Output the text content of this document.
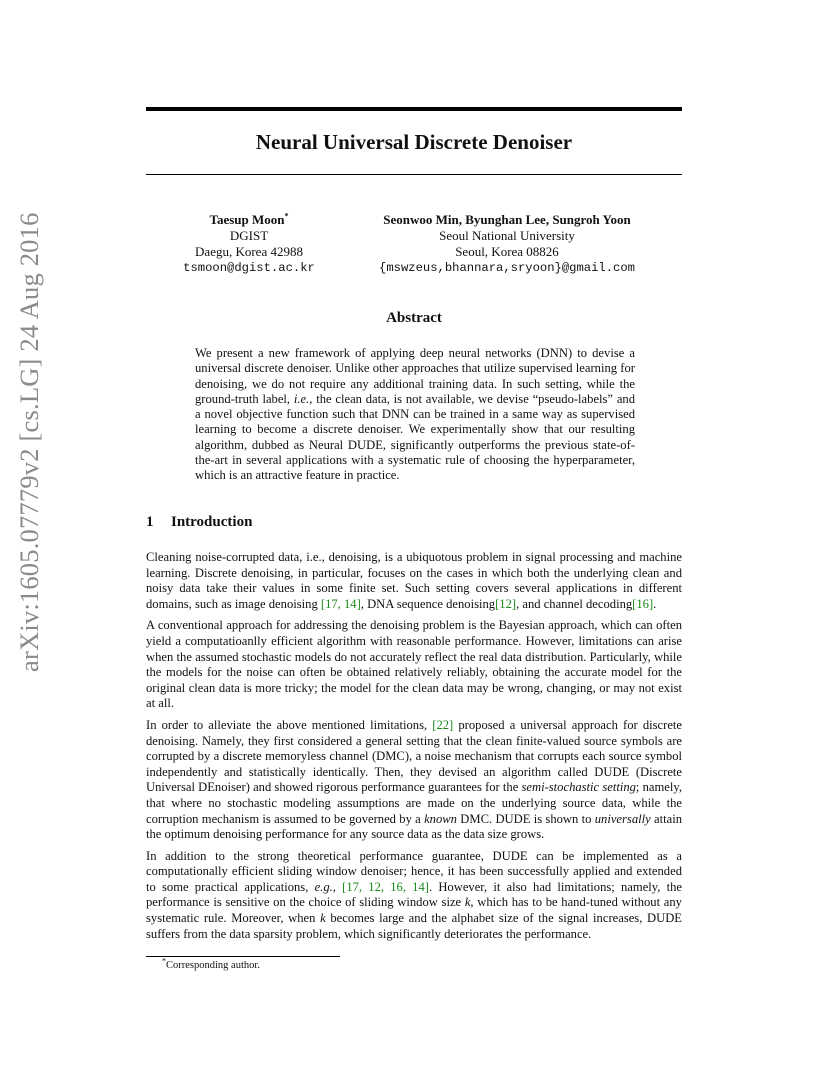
arXiv:1605.07779v2 [cs.LG] 24 Aug 2016
Neural Universal Discrete Denoiser
Taesup Moon*
DGIST
Daegu, Korea 42988
tsmoon@dgist.ac.kr
Seonwoo Min, Byunghan Lee, Sungroh Yoon
Seoul National University
Seoul, Korea 08826
{mswzeus,bhannara,sryoon}@gmail.com
Abstract
We present a new framework of applying deep neural networks (DNN) to devise a universal discrete denoiser. Unlike other approaches that utilize supervised learning for denoising, we do not require any additional training data. In such setting, while the ground-truth label, i.e., the clean data, is not available, we devise “pseudo-labels” and a novel objective function such that DNN can be trained in a same way as supervised learning to become a discrete denoiser. We experimentally show that our resulting algorithm, dubbed as Neural DUDE, significantly outperforms the previous state-of-the-art in several applications with a systematic rule of choosing the hyperparameter, which is an attractive feature in practice.
1 Introduction

Cleaning noise-corrupted data, i.e., denoising, is a ubiquotous problem in signal processing and machine learning. Discrete denoising, in particular, focuses on the cases in which both the underlying clean and noisy data take their values in some finite set. Such setting covers several applications in different domains, such as image denoising [17, 14], DNA sequence denoising[12], and channel decoding[16].

A conventional approach for addressing the denoising problem is the Bayesian approach, which can often yield a computatioanlly efficient algorithm with reasonable performance. However, limitations can arise when the assumed stochastic models do not accurately reflect the real data distribution. Particularly, while the models for the noise can often be obtained relatively reliably, obtaining the accurate model for the original clean data is more tricky; the model for the clean data may be wrong, changing, or may not exist at all.

In order to alleviate the above mentioned limitations, [22] proposed a universal approach for discrete denoising. Namely, they first considered a general setting that the clean finite-valued source symbols are corrupted by a discrete memoryless channel (DMC), a noise mechanism that corrupts each source symbol independently and statistically identically. Then, they devised an algorithm called DUDE (Discrete Universal DEnoiser) and showed rigorous performance guarantees for the semi-stochastic setting; namely, that where no stochastic modeling assumptions are made on the underlying source data, while the corruption mechanism is assumed to be governed by a known DMC. DUDE is shown to universally attain the optimum denoising performance for any source data as the data size grows.

In addition to the strong theoretical performance guarantee, DUDE can be implemented as a computationally efficient sliding window denoiser; hence, it has been successfully applied and extended to some practical applications, e.g., [17, 12, 16, 14]. However, it also had limitations; namely, the performance is sensitive on the choice of sliding window size k, which has to be hand-tuned without any systematic rule. Moreover, when k becomes large and the alphabet size of the signal increases, DUDE suffers from the data sparsity problem, which significantly deteriorates the performance.

*Corresponding author.
